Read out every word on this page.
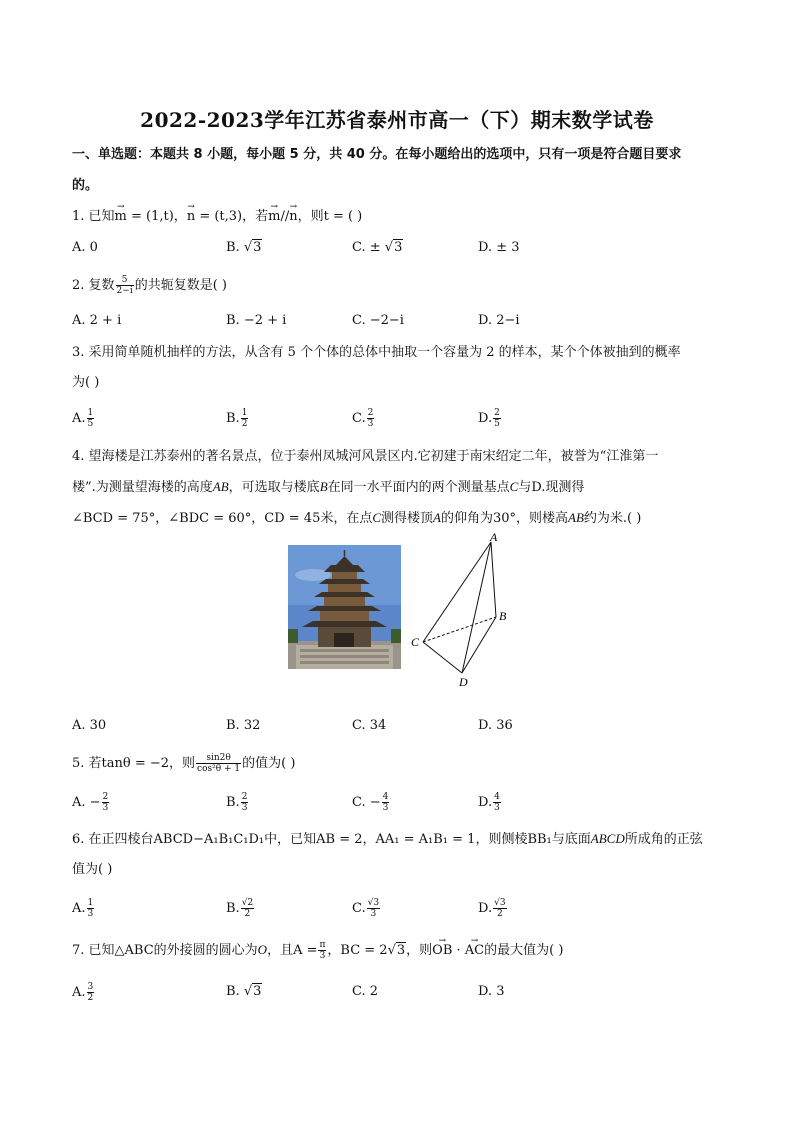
2022-2023学年江苏省泰州市高一（下）期末数学试卷
一、单选题：本题共 8 小题，每小题 5 分，共 40 分。在每小题给出的选项中，只有一项是符合题目要求
的。
1. 已知→ m = (1,t)，→ n = (t,3)，若→ m//→ n，则t = ( )
A. 0	B. √3	C. ± √3	D. ± 3
2. 复数 $\frac{5}{2-i}$ 的共轭复数是( )
A. 2 + i	B. −2 + i	C. −2−i	D. 2−i
3. 采用简单随机抽样的方法，从含有 5 个个体的总体中抽取一个容量为 2 的样本，某个个体被抽到的概率
为( )
A. $\frac{1}{5}$	B. $\frac{1}{2}$	C. $\frac{2}{3}$	D. $\frac{2}{5}$
4. 望海楼是江苏泰州的著名景点，位于泰州凤城河风景区内.它初建于南宋绍定二年，被誉为“江淮第一
楼”.为测量望海楼的高度AB，可选取与楼底B在同一水平面内的两个测量基点C与D.现测得
∠BCD = 75°，∠BDC = 60°，CD = 45米，在点C测得楼顶A的仰角为30°，则楼高AB约为米.( )
A
B
C
D
A. 30	B. 32	C. 34	D. 36
5. 若tanθ = −2，则 $\frac{\sin 2\theta}{\text{cos²θ + 1}}$ 的值为( )
A. − $\frac{2}{3}$	B. $\frac{2}{3}$	C. − $\frac{4}{3}$	D. $\frac{4}{3}$
6. 在正四棱台ABCD−A₁B₁C₁D₁中，已知AB = 2，AA₁ = A₁B₁ = 1，则侧棱BB₁与底面ABCD所成角的正弦
值为( )
A. $\frac{1}{3}$	B. $\frac{√2}{2}$	C. $\frac{√3}{3}$	D. $\frac{√3}{2}$
7. 已知△ABC的外接圆的圆心为O，且$A = \frac{\pi}{3}$ ，BC = 2√3，则→ OB · → AC的最大值为( )
A. $\frac{3}{2}$	B. √3	C. 2	D. 3
